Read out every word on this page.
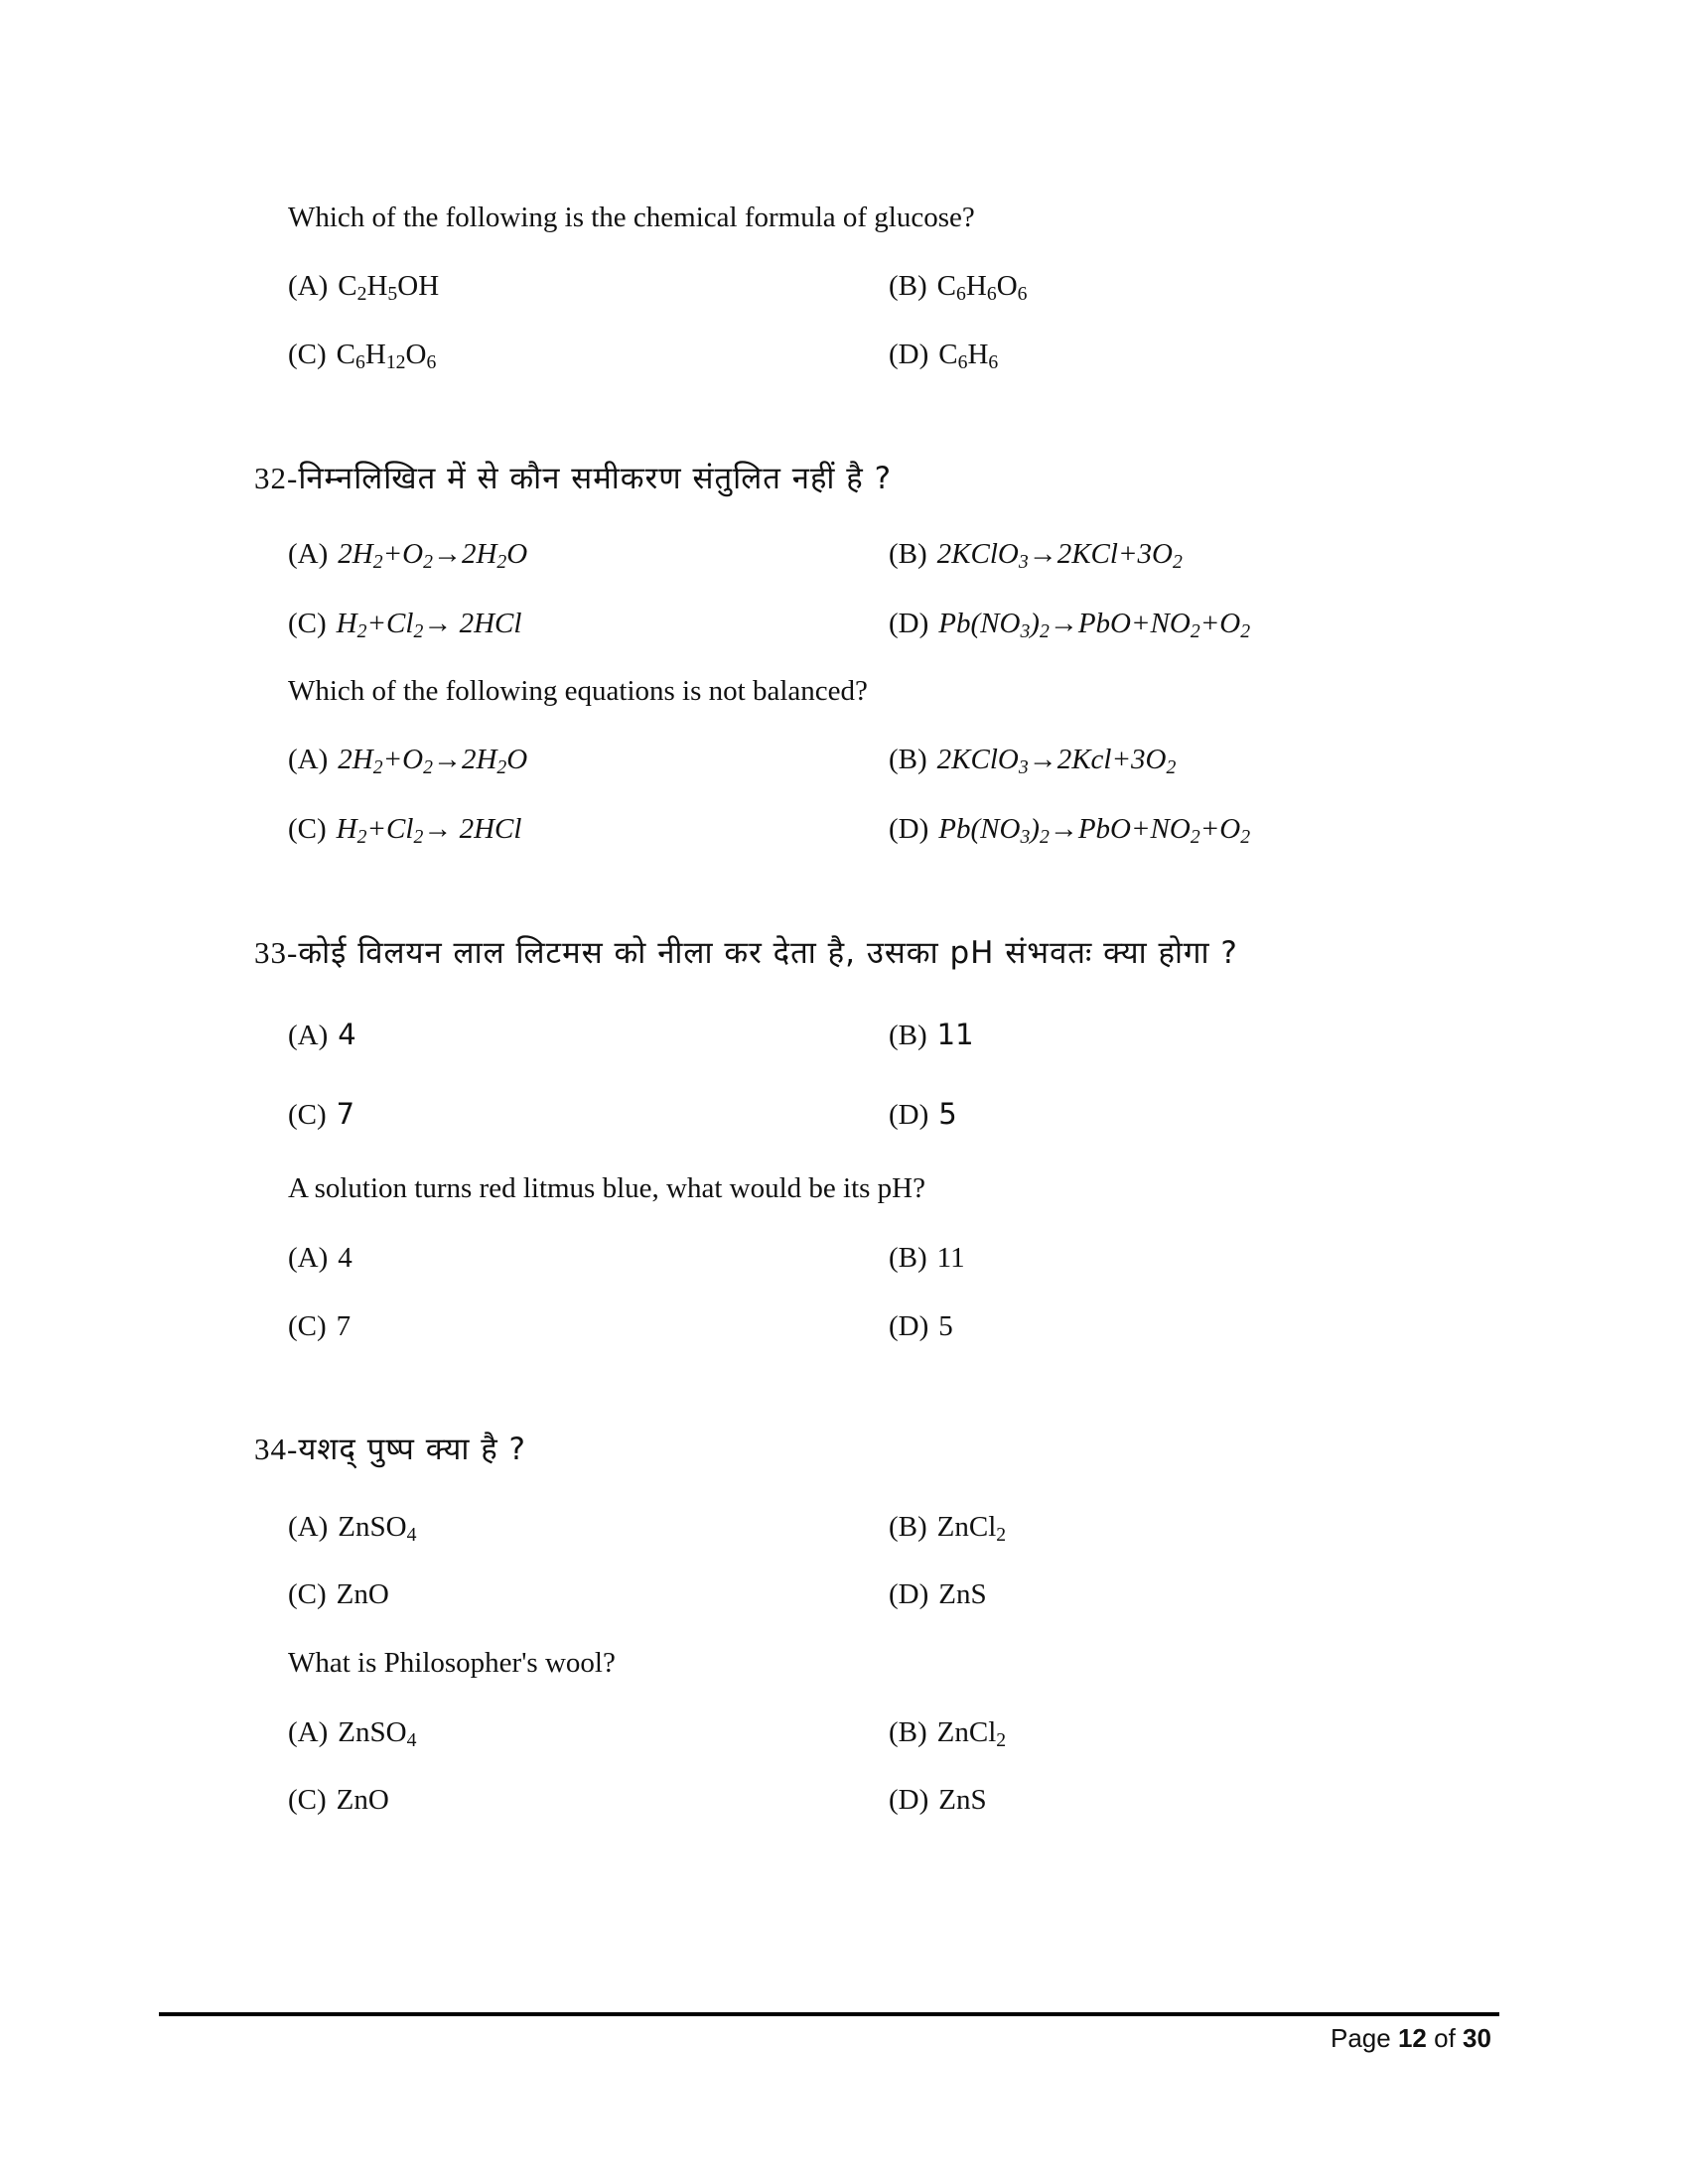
Which of the following is the chemical formula of glucose?
(A) $C_2H_5OH$	(B) $C_6H_6O_6$
(C) $C_6H_{12}O_6$	(D) $C_6H_6$
32-निम्नलिखित में से कौन समीकरण संतुलित नहीं है ?
(A) $2H_2+O_2\to 2H_2O$	(B) $2KClO_3\to 2KCl+3O_2$
(C) $H_2+Cl_2\to 2HCl$	(D) $Pb(NO_3)_2\to PbO+NO_2+O_2$
Which of the following equations is not balanced?
(A) $2H_2+O_2\to 2H_2O$	(B) $2KClO_3\to 2Kcl+3O_2$
(C) $H_2+Cl_2\to 2HCl$	(D) $Pb(NO_3)_2\to PbO+NO_2+O_2$
33-कोई विलयन लाल लिटमस को नीला कर देता है, उसका pH संभवतः क्या होगा ?
(A) 4	(B) 11
(C) 7	(D) 5
A solution turns red litmus blue, what would be its pH?
(A) 4	(B) 11
(C) 7	(D) 5
34-यशद् पुष्प क्या है ?
(A) ZnSO$_4$	(B) ZnCl$_2$
(C) ZnO	(D) ZnS
What is Philosopher's wool?
(A) ZnSO$_4$	(B) ZnCl$_2$
(C) ZnO	(D) ZnS
Page 12 of 30
